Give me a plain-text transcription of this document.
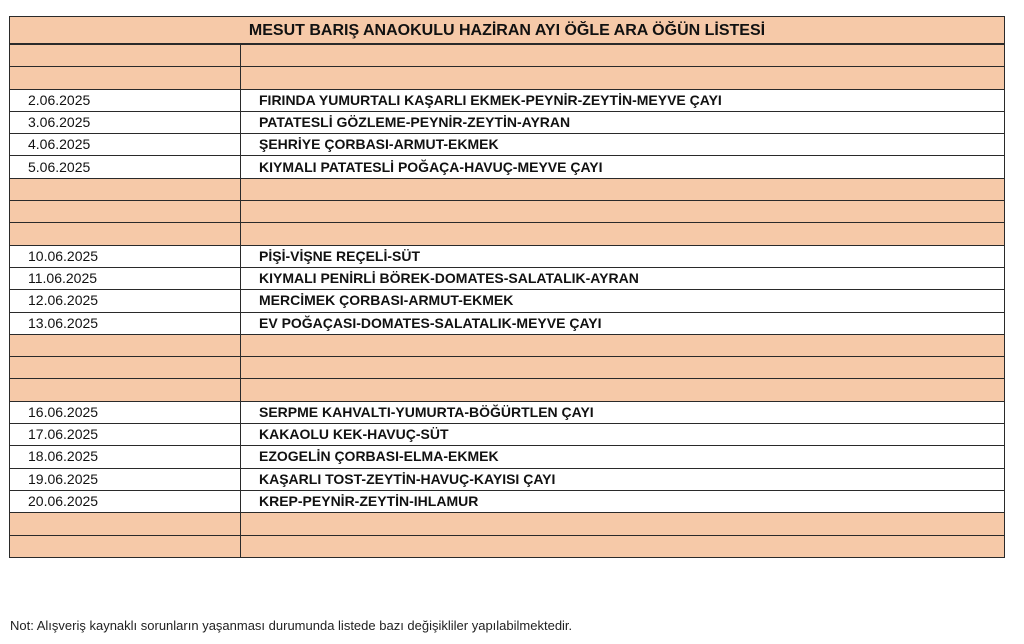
MESUT BARIŞ ANAOKULU HAZİRAN AYI ÖĞLE ARA ÖĞÜN LİSTESİ	

2.06.2025	FIRINDA YUMURTALI KAŞARLI EKMEK-PEYNİR-ZEYTİN-MEYVE ÇAYI
3.06.2025	PATATESLİ GÖZLEME-PEYNİR-ZEYTİN-AYRAN
4.06.2025	ŞEHRİYE ÇORBASI-ARMUT-EKMEK
5.06.2025	KIYMALI PATATESLİ POĞAÇA-HAVUÇ-MEYVE ÇAYI

10.06.2025	PİŞİ-VİŞNE REÇELİ-SÜT
11.06.2025	KIYMALI PENİRLİ BÖREK-DOMATES-SALATALIK-AYRAN
12.06.2025	MERCİMEK ÇORBASI-ARMUT-EKMEK
13.06.2025	EV POĞAÇASI-DOMATES-SALATALIK-MEYVE ÇAYI

16.06.2025	SERPME KAHVALTI-YUMURTA-BÖĞÜRTLEN ÇAYI
17.06.2025	KAKAOLU KEK-HAVUÇ-SÜT
18.06.2025	EZOGELİN ÇORBASI-ELMA-EKMEK
19.06.2025	KAŞARLI TOST-ZEYTİN-HAVUÇ-KAYISI ÇAYI
20.06.2025	KREP-PEYNİR-ZEYTİN-IHLAMUR

Not: Alışveriş kaynaklı sorunların yaşanması durumunda listede bazı değişikliler yapılabilmektedir.
